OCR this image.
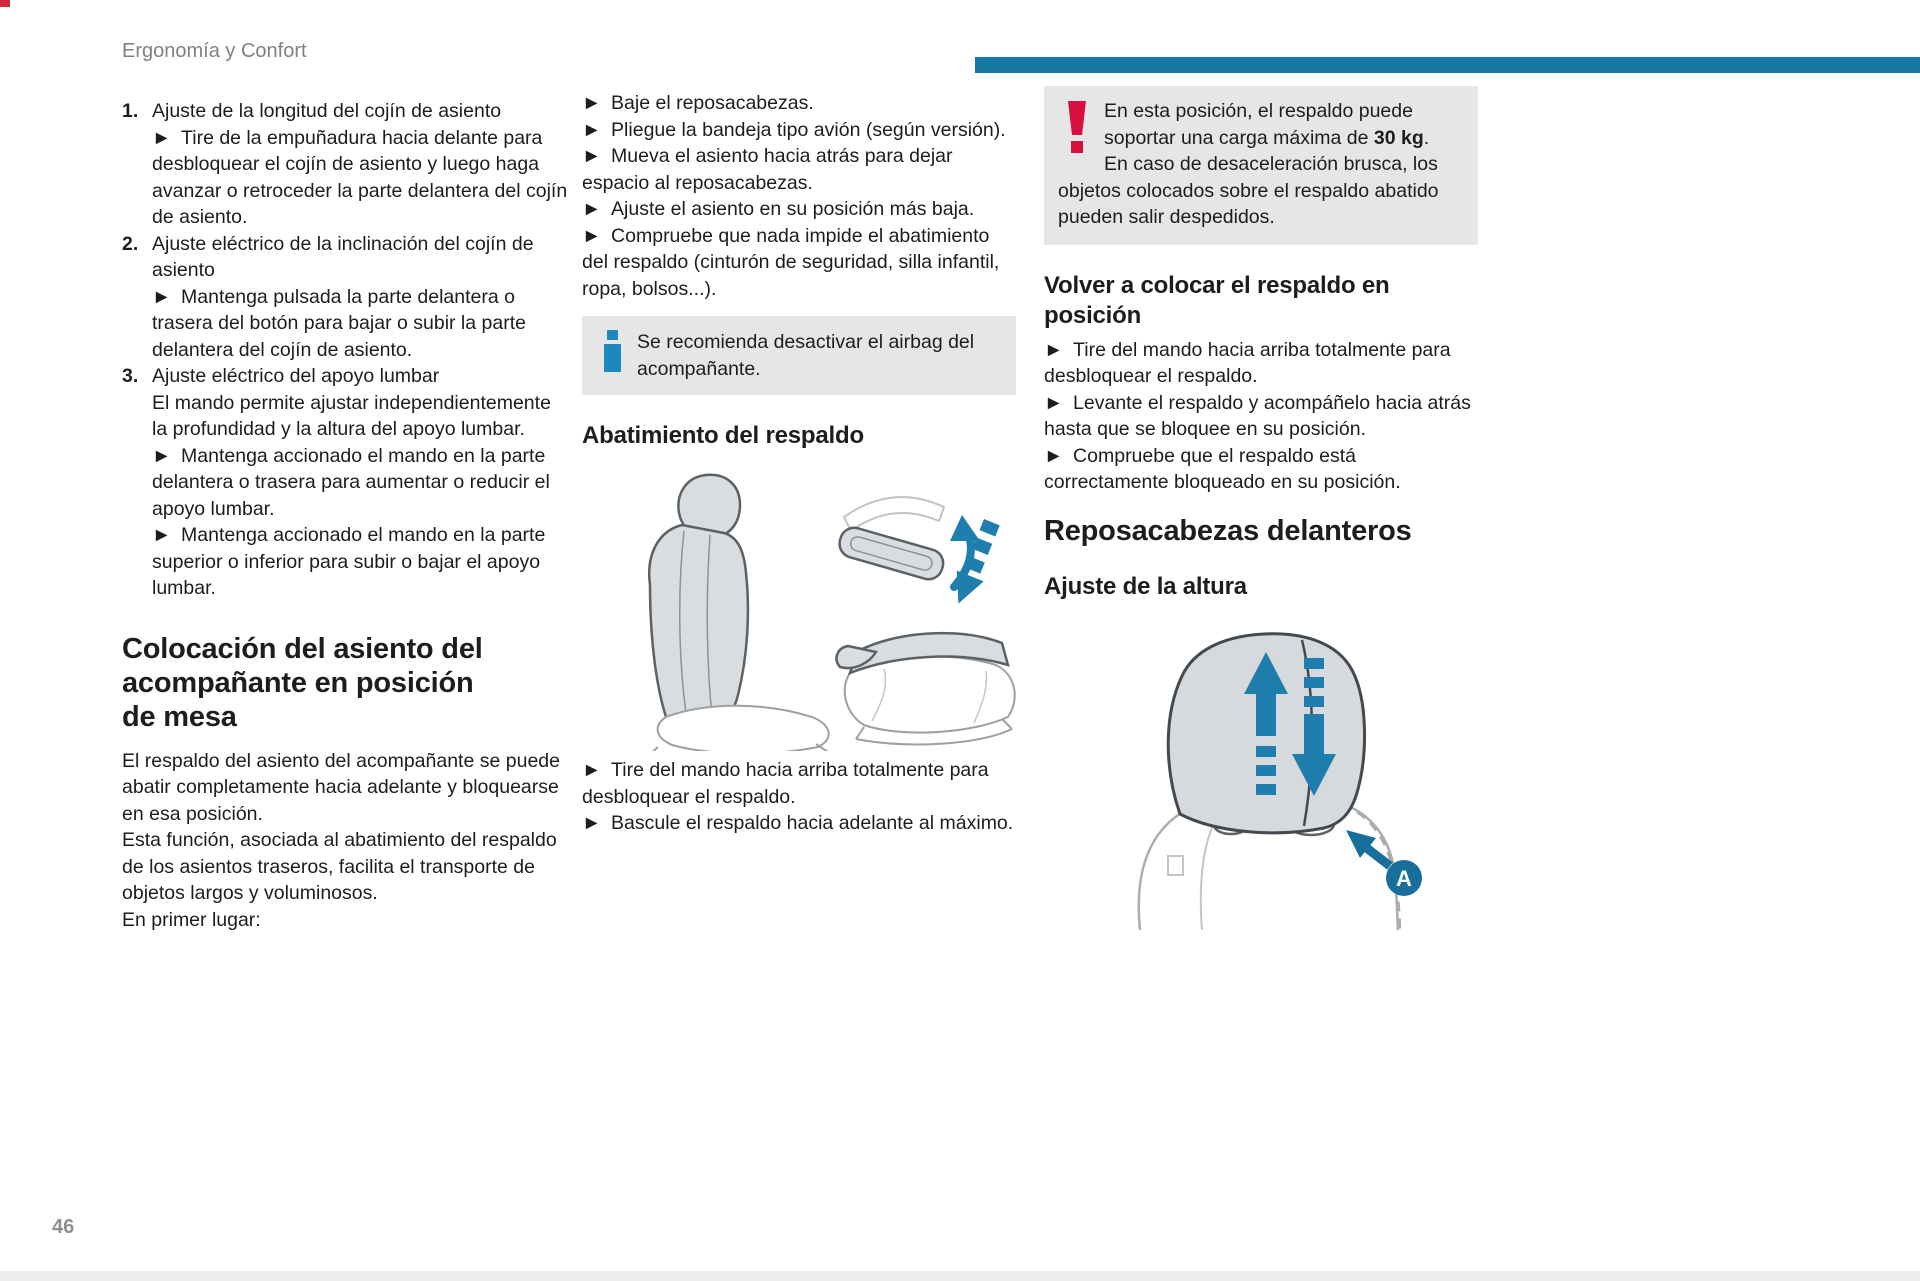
Ergonomía y Confort
1. Ajuste de la longitud del cojín de asiento

► Tire de la empuñadura hacia delante para desbloquear el cojín de asiento y luego haga avanzar o retroceder la parte delantera del cojín de asiento.

2. Ajuste eléctrico de la inclinación del cojín de asiento

► Mantenga pulsada la parte delantera o trasera del botón para bajar o subir la parte delantera del cojín de asiento.

3. Ajuste eléctrico del apoyo lumbar

El mando permite ajustar independientemente la profundidad y la altura del apoyo lumbar.

► Mantenga accionado el mando en la parte delantera o trasera para aumentar o reducir el apoyo lumbar.

► Mantenga accionado el mando en la parte superior o inferior para subir o bajar el apoyo lumbar.

Colocación del asiento del
acompañante en posición
de mesa

El respaldo del asiento del acompañante se puede abatir completamente hacia adelante y bloquearse en esa posición.

Esta función, asociada al abatimiento del respaldo de los asientos traseros, facilita el transporte de objetos largos y voluminosos.

En primer lugar:

► Baje el reposacabezas.

► Pliegue la bandeja tipo avión (según versión).

► Mueva el asiento hacia atrás para dejar espacio al reposacabezas.

► Ajuste el asiento en su posición más baja.

► Compruebe que nada impide el abatimiento del respaldo (cinturón de seguridad, silla infantil, ropa, bolsos...).

Se recomienda desactivar el airbag del acompañante.

Abatimiento del respaldo

► Tire del mando hacia arriba totalmente para desbloquear el respaldo.

► Bascule el respaldo hacia adelante al máximo.

En esta posición, el respaldo puede soportar una carga máxima de 30 kg.

En caso de desaceleración brusca, los objetos colocados sobre el respaldo abatido pueden salir despedidos.

Volver a colocar el respaldo en
posición

► Tire del mando hacia arriba totalmente para desbloquear el respaldo.

► Levante el respaldo y acompáñelo hacia atrás hasta que se bloquee en su posición.

► Compruebe que el respaldo está correctamente bloqueado en su posición.

Reposacabezas delanteros
Ajuste de la altura
A
46
